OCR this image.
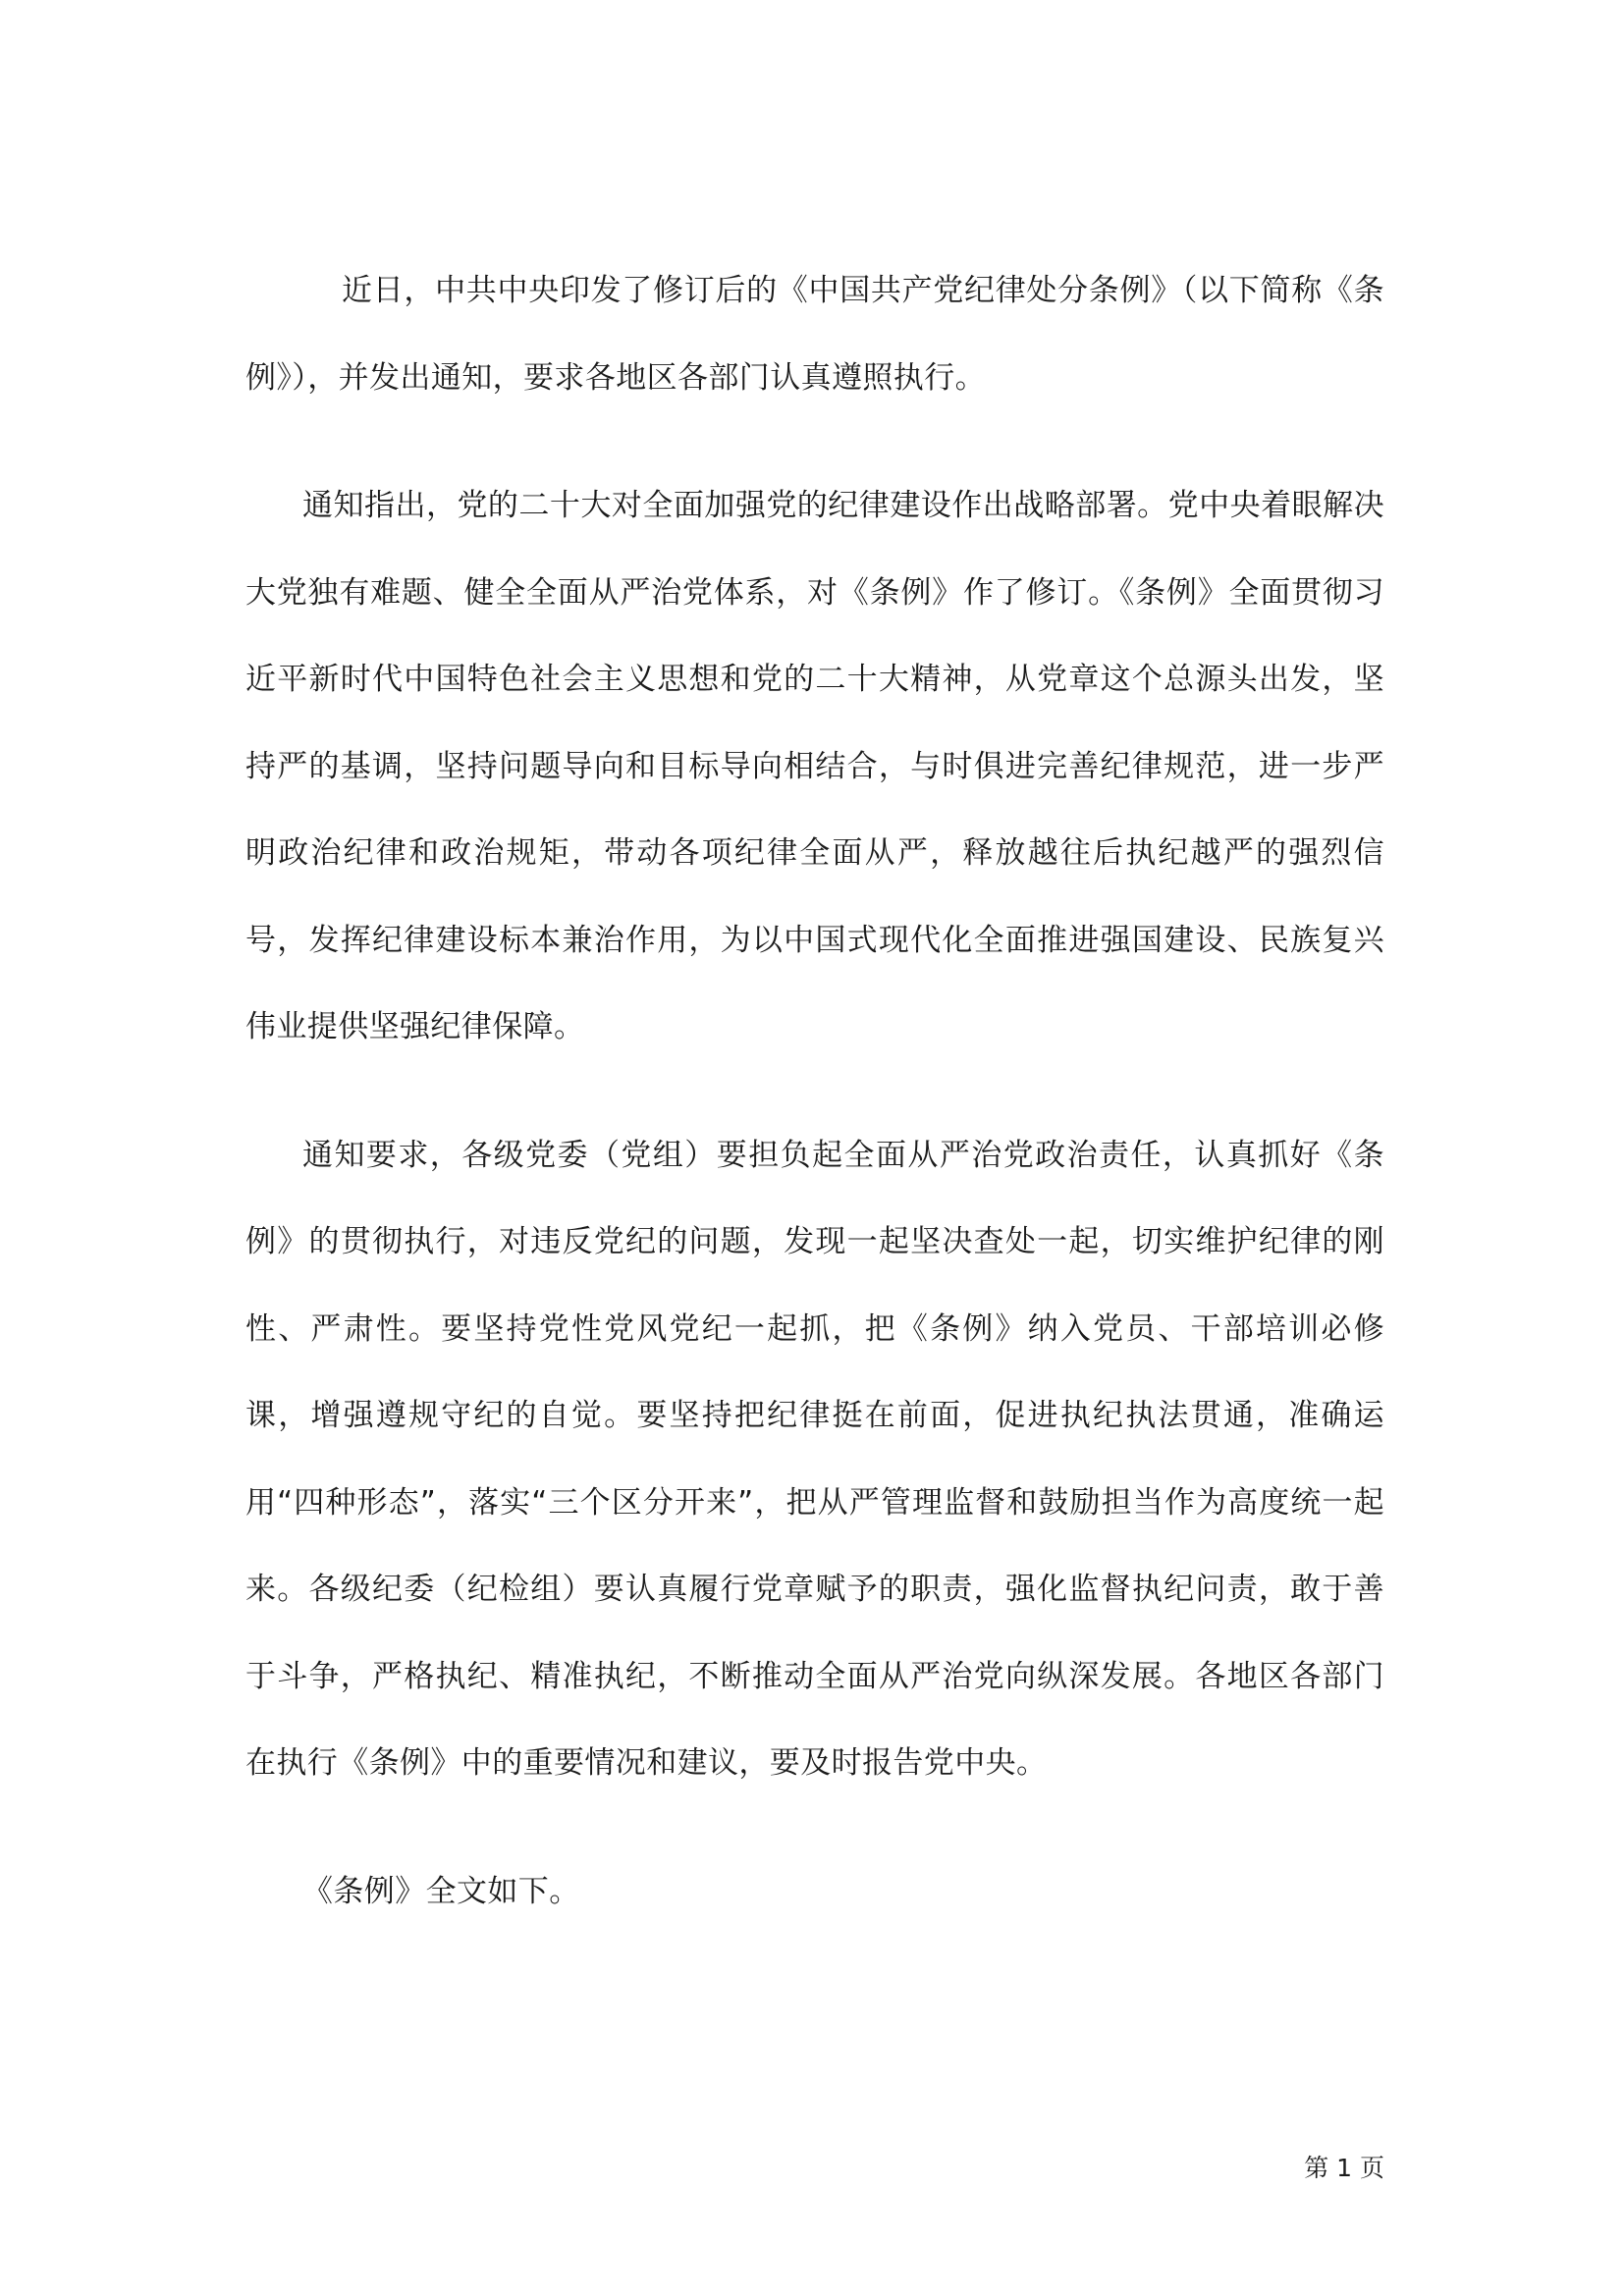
近日，中共中央印发了修订后的《中国共产党纪律处分条例》（以下简称《条例》），并发出通知，要求各地区各部门认真遵照执行。

通知指出，党的二十大对全面加强党的纪律建设作出战略部署。党中央着眼解决大党独有难题、健全全面从严治党体系，对《条例》作了修订。《条例》全面贯彻习近平新时代中国特色社会主义思想和党的二十大精神，从党章这个总源头出发，坚持严的基调，坚持问题导向和目标导向相结合，与时俱进完善纪律规范，进一步严明政治纪律和政治规矩，带动各项纪律全面从严，释放越往后执纪越严的强烈信号，发挥纪律建设标本兼治作用，为以中国式现代化全面推进强国建设、民族复兴伟业提供坚强纪律保障。

通知要求，各级党委（党组）要担负起全面从严治党政治责任，认真抓好《条例》的贯彻执行，对违反党纪的问题，发现一起坚决查处一起，切实维护纪律的刚性、严肃性。要坚持党性党风党纪一起抓，把《条例》纳入党员、干部培训必修课，增强遵规守纪的自觉。要坚持把纪律挺在前面，促进执纪执法贯通，准确运用“四种形态”，落实“三个区分开来”，把从严管理监督和鼓励担当作为高度统一起来。各级纪委（纪检组）要认真履行党章赋予的职责，强化监督执纪问责，敢于善于斗争，严格执纪、精准执纪，不断推动全面从严治党向纵深发展。各地区各部门在执行《条例》中的重要情况和建议，要及时报告党中央。

《条例》全文如下。

第 1 页
